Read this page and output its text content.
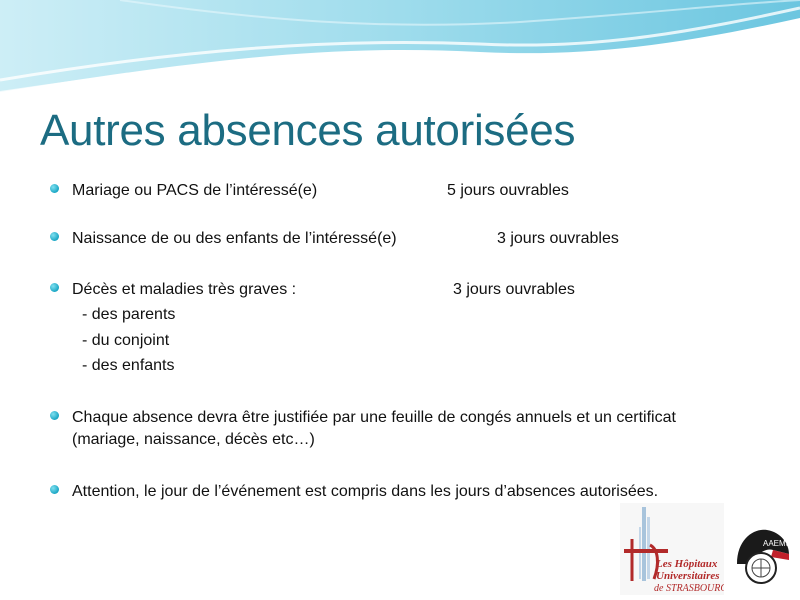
Autres absences autorisées
Mariage ou PACS de l’intéressé(e)	5 jours ouvrables
Naissance de ou des enfants de l’intéressé(e)	3 jours ouvrables
Décès et maladies très graves :	3 jours ouvrables
- des parents
- du conjoint
- des enfants
Chaque absence devra être justifiée par une feuille de congés annuels et un certificat
(mariage, naissance, décès etc…)
Attention, le jour de l’événement est compris dans les jours d’absences autorisées.
Les Hôpitaux
Universitaires
de STRASBOURG
AAEMS
